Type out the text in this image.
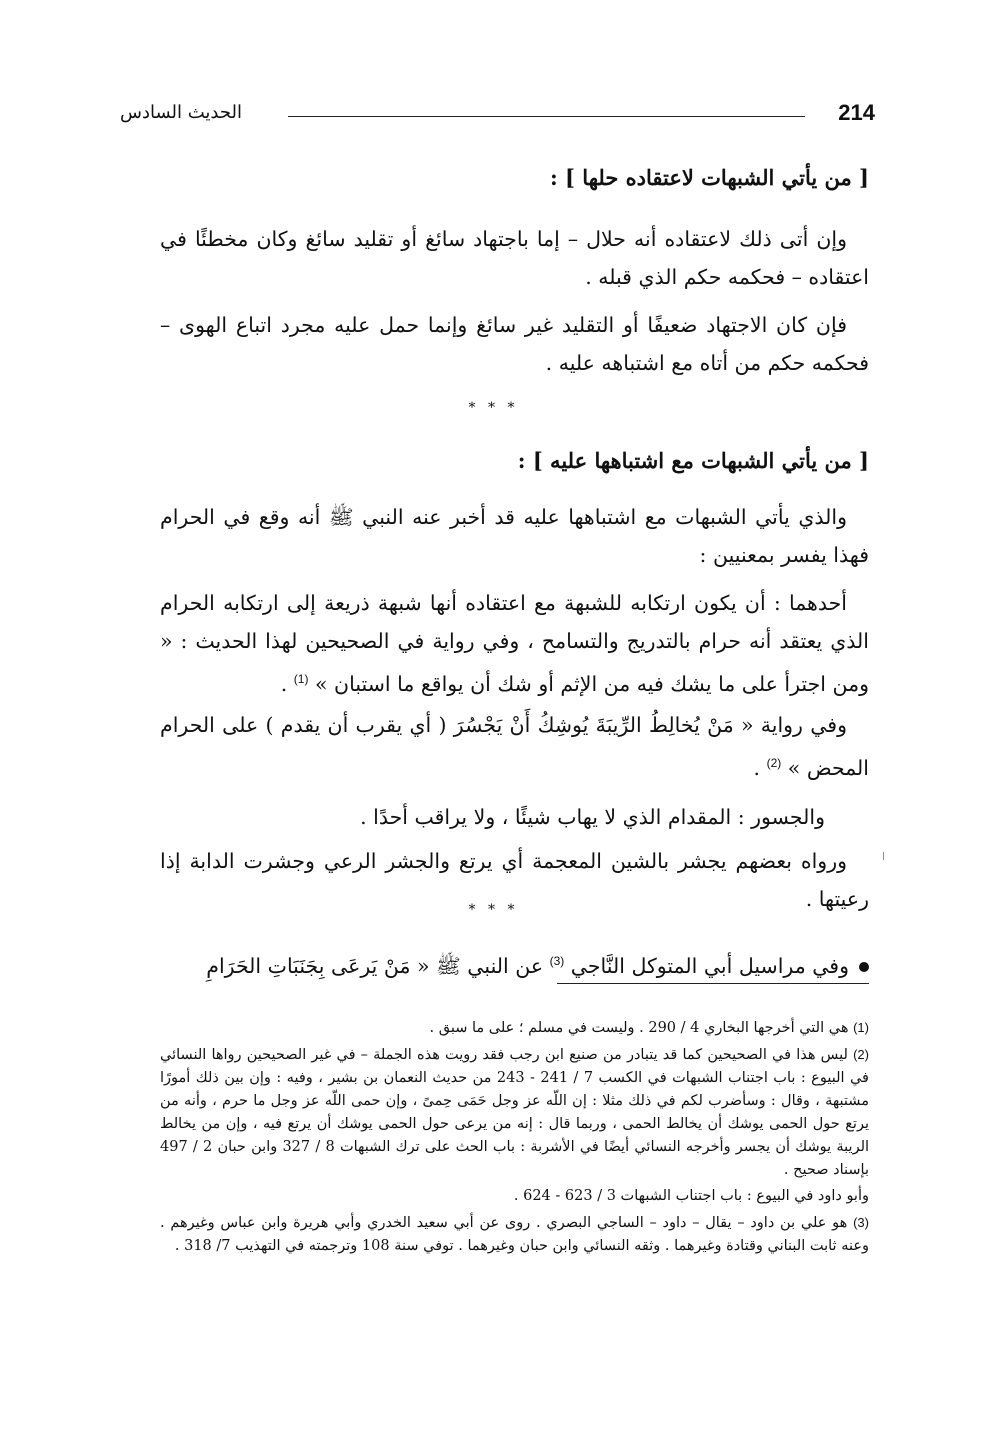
214
الحديث السادس
[ من يأتي الشبهات لاعتقاده حلها ] :
وإن أتى ذلك لاعتقاده أنه حلال – إما باجتهاد سائغ أو تقليد سائغ وكان مخطئًا في اعتقاده – فحكمه حكم الذي قبله .
فإن كان الاجتهاد ضعيفًا أو التقليد غير سائغ وإنما حمل عليه مجرد اتباع الهوى – فحكمه حكم من أتاه مع اشتباهه عليه .
* * *
[ من يأتي الشبهات مع اشتباهها عليه ] :
والذي يأتي الشبهات مع اشتباهها عليه قد أخبر عنه النبي ﷺ أنه وقع في الحرام فهذا يفسر بمعنيين :
أحدهما : أن يكون ارتكابه للشبهة مع اعتقاده أنها شبهة ذريعة إلى ارتكابه الحرام الذي يعتقد أنه حرام بالتدريج والتسامح ، وفي رواية في الصحيحين لهذا الحديث : « ومن اجترأ على ما يشك فيه من الإثم أو شك أن يواقع ما استبان » $^{(1)}$ .
وفي رواية « مَنْ يُخالِطُ الرِّيبَةَ يُوشِكُ أَنْ يَجْسُرَ ( أي يقرب أن يقدم ) على الحرام المحض » $^{(2)}$ .
والجسور : المقدام الذي لا يهاب شيئًا ، ولا يراقب أحدًا .
ورواه بعضهم يجشر بالشين المعجمة أي يرتع والجشر الرعي وجشرت الدابة إذا رعيتها .
* * *
وفي مراسيل أبي المتوكل النَّاجي $^{(3)}$ عن النبي ﷺ « مَنْ يَرعَى بِجَنَبَاتِ الحَرَامِ

(1) هي التي أخرجها البخاري 4 / 290 . وليست في مسلم ؛ على ما سبق .

(2) ليس هذا في الصحيحين كما قد يتبادر من صنيع ابن رجب فقد رويت هذه الجملة – في غير الصحيحين رواها النسائي في البيوع : باب اجتناب الشبهات في الكسب 7 / 241 - 243 من حديث النعمان بن بشير ، وفيه : وإن بين ذلك أمورًا مشتبهة ، وقال : وسأضرب لكم في ذلك مثلا : إن اللّه عز وجل حَمَى حِمىً ، وإن حمى اللّه عز وجل ما حرم ، وأنه من يرتع حول الحمى يوشك أن يخالط الحمى ، وربما قال : إنه من يرعى حول الحمى يوشك أن يرتع فيه ، وإن من يخالط الريبة يوشك أن يجسر وأخرجه النسائي أيضًا في الأشربة : باب الحث على ترك الشبهات 8 / 327 وابن حبان 2 / 497 بإسناد صحيح .

وأبو داود في البيوع : باب اجتناب الشبهات 3 / 623 - 624 .

(3) هو علي بن داود – يقال – داود – الساجي البصري . روى عن أبي سعيد الخدري وأبي هريرة وابن عباس وغيرهم . وعنه ثابت البناني وقتادة وغيرهما . وثقه النسائي وابن حبان وغيرهما . توفي سنة 108 وترجمته في التهذيب 7/ 318 .
